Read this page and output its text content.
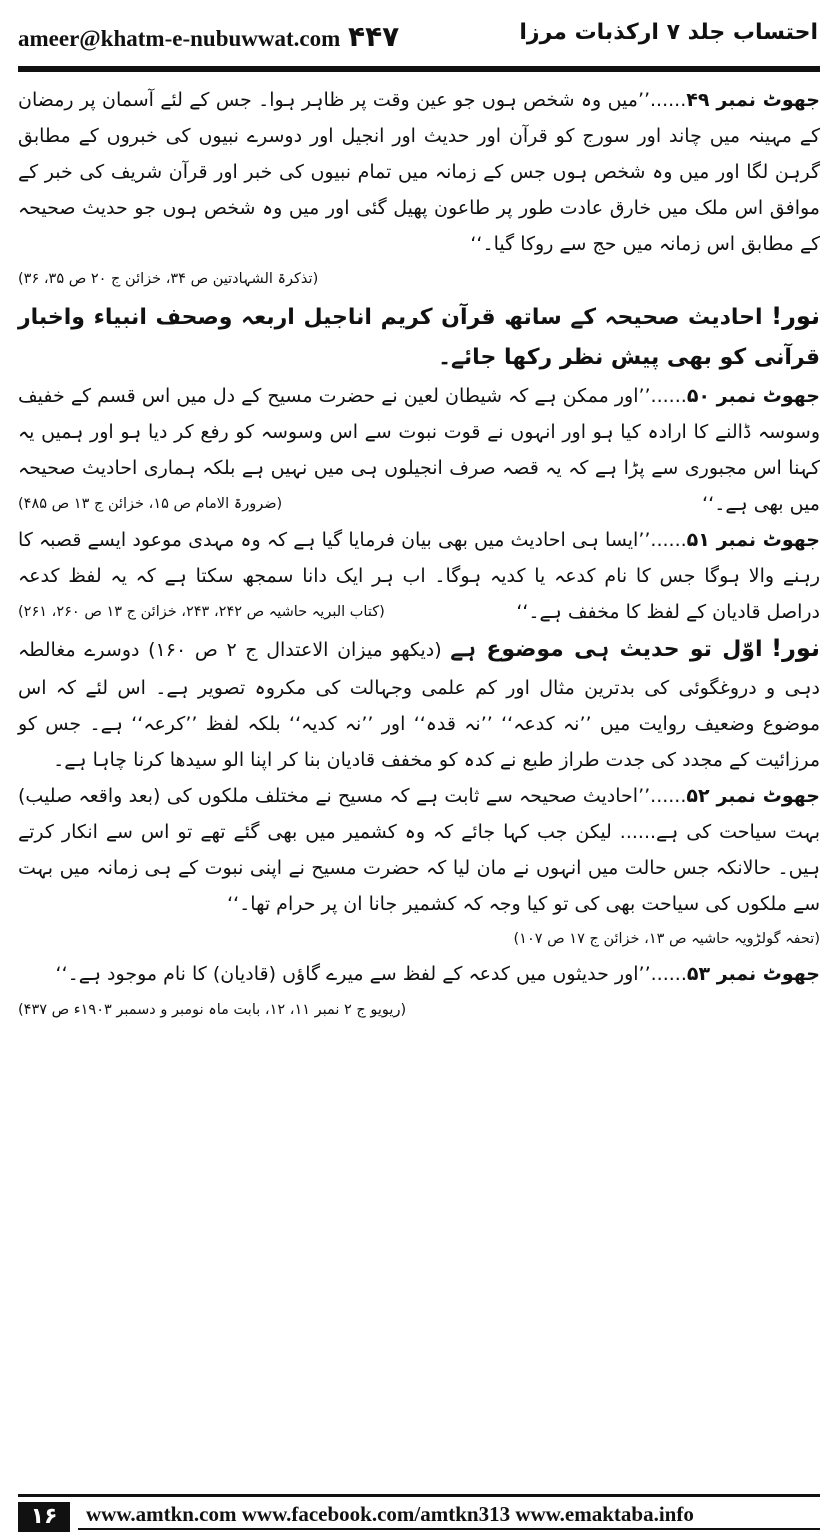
ameer@khatm-e-nubuwwat.com ۴۴۷	احتساب جلد ۷ ارکذبات مرزا

جھوٹ نمبر ۴۹......’’میں وہ شخص ہوں جو عین وقت پر ظاہر ہوا۔ جس کے لئے آسمان پر رمضان کے مہینہ میں چاند اور سورج کو قرآن اور حدیث اور انجیل اور دوسرے نبیوں کی خبروں کے مطابق گرہن لگا اور میں وہ شخص ہوں جس کے زمانہ میں تمام نبیوں کی خبر اور قرآن شریف کی خبر کے موافق اس ملک میں خارق عادت طور پر طاعون پھیل گئی اور میں وہ شخص ہوں جو حدیث صحیحہ کے مطابق اس زمانہ میں حج سے روکا گیا۔‘‘

(تذکرۃ الشہادتین ص ۳۴، خزائن ج ۲۰ ص ۳۵، ۳۶)

نور! احادیث صحیحہ کے ساتھ قرآن کریم اناجیل اربعہ وصحف انبیاء واخبار قرآنی کو بھی پیش نظر رکھا جائے۔

جھوٹ نمبر ۵۰......’’اور ممکن ہے کہ شیطان لعین نے حضرت مسیح کے دل میں اس قسم کے خفیف وسوسہ ڈالنے کا ارادہ کیا ہو اور انہوں نے قوت نبوت سے اس وسوسہ کو رفع کر دیا ہو اور ہمیں یہ کہنا اس مجبوری سے پڑا ہے کہ یہ قصہ صرف انجیلوں ہی میں نہیں ہے بلکہ ہماری احادیث صحیحہ میں بھی ہے۔‘‘
(ضرورۃ الامام ص ۱۵، خزائن ج ۱۳ ص ۴۸۵)

جھوٹ نمبر ۵۱......’’ایسا ہی احادیث میں بھی بیان فرمایا گیا ہے کہ وہ مہدی موعود ایسے قصبہ کا رہنے والا ہوگا جس کا نام کدعہ یا کدیہ ہوگا۔ اب ہر ایک دانا سمجھ سکتا ہے کہ یہ لفظ کدعہ دراصل قادیان کے لفظ کا مخفف ہے۔‘‘
(کتاب البریہ حاشیہ ص ۲۴۲، ۲۴۳، خزائن ج ۱۳ ص ۲۶۰، ۲۶۱)

نور! اوّل تو حدیث ہی موضوع ہے (دیکھو میزان الاعتدال ج ۲ ص ۱۶۰) دوسرے مغالطہ دہی و دروغگوئی کی بدترین مثال اور کم علمی وجہالت کی مکروہ تصویر ہے۔ اس لئے کہ اس موضوع وضعیف روایت میں ’’نہ کدعہ‘‘ ’’نہ قدہ‘‘ اور ’’نہ کدیہ‘‘ بلکہ لفظ ’’کرعہ‘‘ ہے۔ جس کو مرزائیت کے مجدد کی جدت طراز طبع نے کدہ کو مخفف قادیان بنا کر اپنا الو سیدھا کرنا چاہا ہے۔

جھوٹ نمبر ۵۲......’’احادیث صحیحہ سے ثابت ہے کہ مسیح نے مختلف ملکوں کی (بعد واقعہ صلیب) بہت سیاحت کی ہے...... لیکن جب کہا جائے کہ وہ کشمیر میں بھی گئے تھے تو اس سے انکار کرتے ہیں۔ حالانکہ جس حالت میں انہوں نے مان لیا کہ حضرت مسیح نے اپنی نبوت کے ہی زمانہ میں بہت سے ملکوں کی سیاحت بھی کی تو کیا وجہ کہ کشمیر جانا ان پر حرام تھا۔‘‘

(تحفہ گولڑویہ حاشیہ ص ۱۳، خزائن ج ۱۷ ص ۱۰۷)

جھوٹ نمبر ۵۳......’’اور حدیثوں میں کدعہ کے لفظ سے میرے گاؤں (قادیان) کا نام موجود ہے۔‘‘
(ریویو ج ۲ نمبر ۱۱، ۱۲، بابت ماہ نومبر و دسمبر ۱۹۰۳ء ص ۴۳۷)

۱۶	www.amtkn.com www.facebook.com/amtkn313 www.emaktaba.info
